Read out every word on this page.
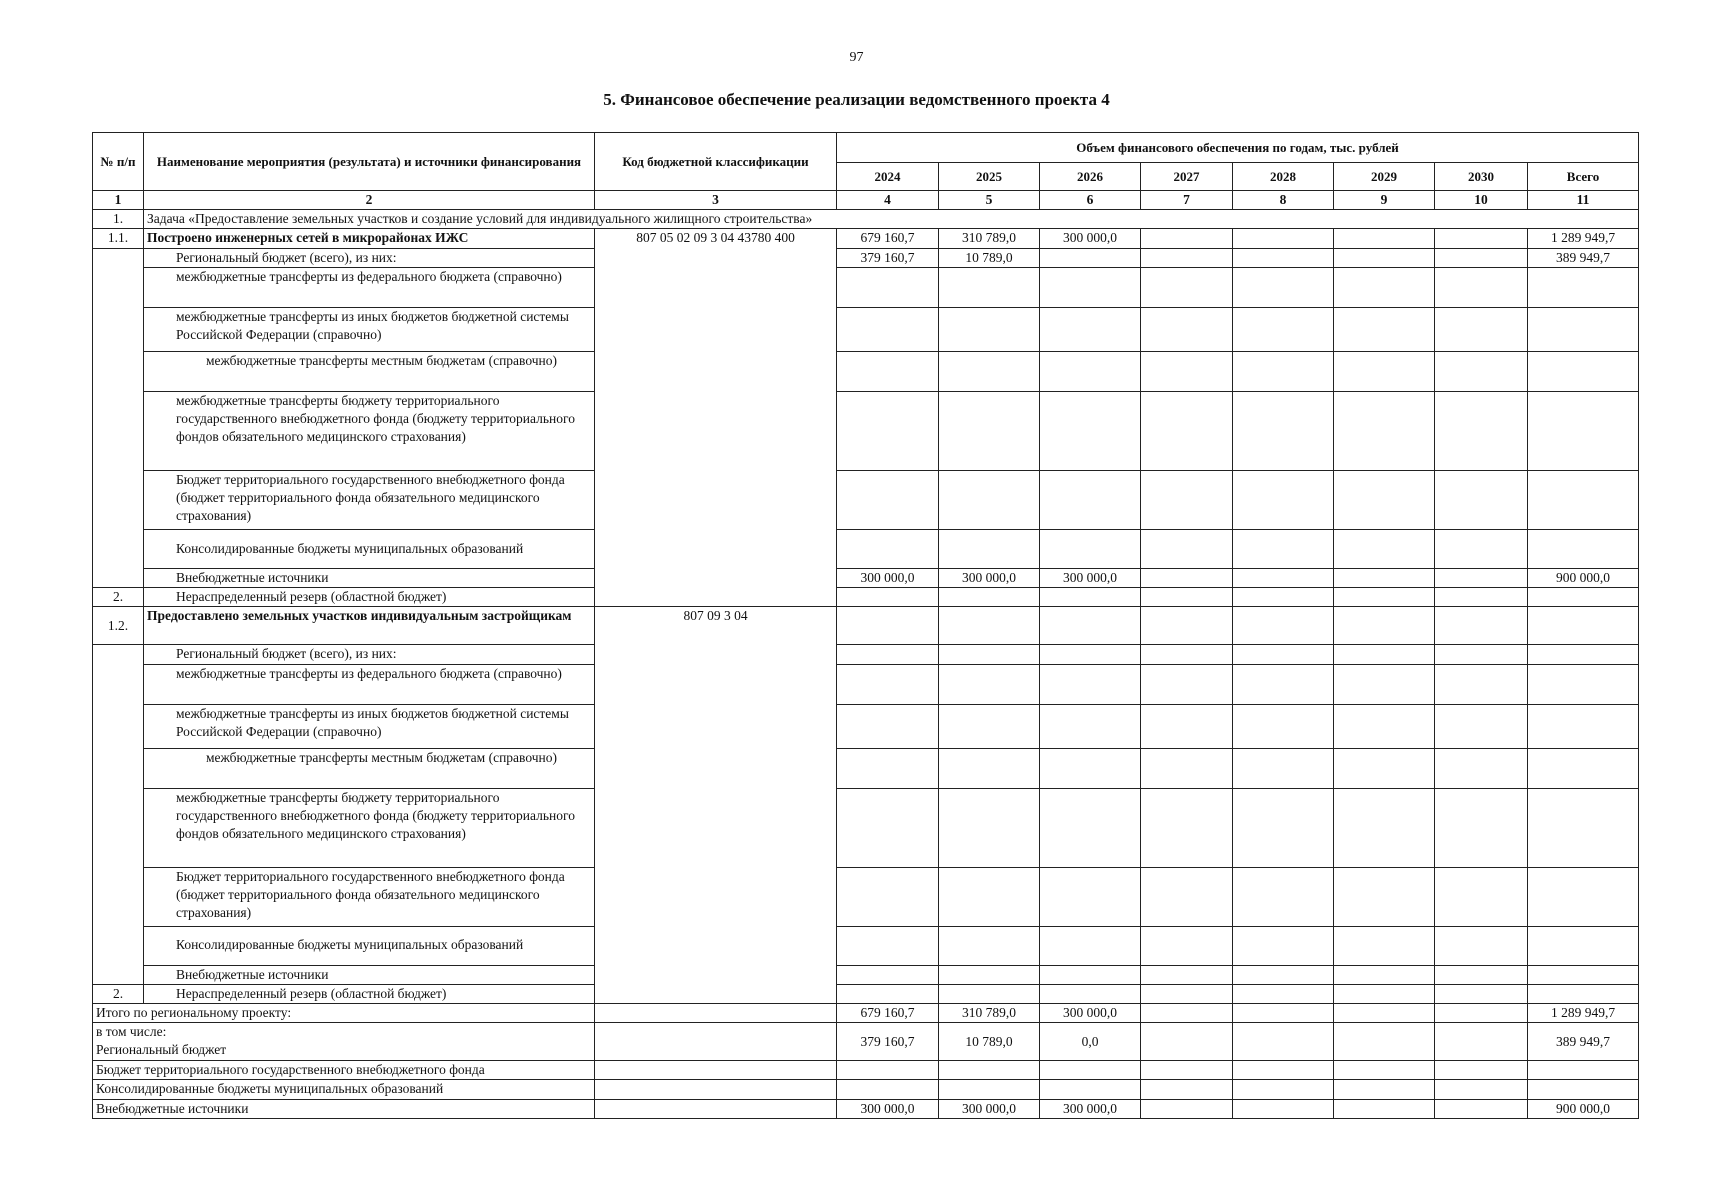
97
5. Финансовое обеспечение реализации ведомственного проекта 4
№ п/п	Наименование мероприятия (результата) и источники финансирования	Код бюджетной классификации	Объем финансового обеспечения по годам, тыс. рублей							
			2024	2025	2026	2027	2028	2029	2030	Всего
1	2	3	4	5	6	7	8	9	10	11
1.	Задача «Предоставление земельных участков и создание условий для индивидуального жилищного строительства»									
1.1.	Построено инженерных сетей в микрорайонах ИЖС	807 05 02 09 3 04 43780 400	679 160,7	310 789,0	300 000,0					1 289 949,7
	Региональный бюджет (всего), из них:		379 160,7	10 789,0						389 949,7
	межбюджетные трансферты из федерального бюджета (справочно)									
	межбюджетные трансферты из иных бюджетов бюджетной системы Российской Федерации (справочно)									
	межбюджетные трансферты местным бюджетам (справочно)									
	межбюджетные трансферты бюджету территориального государственного внебюджетного фонда (бюджету территориального фондов обязательного медицинского страхования)									
	Бюджет территориального государственного внебюджетного фонда (бюджет территориального фонда обязательного медицинского страхования)									
	Консолидированные бюджеты муниципальных образований									
	Внебюджетные источники		300 000,0	300 000,0	300 000,0					900 000,0
2.	Нераспределенный резерв (областной бюджет)									
1.2.	Предоставлено земельных участков индивидуальным застройщикам	807 09 3 04								
	Региональный бюджет (всего), из них:									
	межбюджетные трансферты из федерального бюджета (справочно)									
	межбюджетные трансферты из иных бюджетов бюджетной системы Российской Федерации (справочно)									
	межбюджетные трансферты местным бюджетам (справочно)									
	межбюджетные трансферты бюджету территориального государственного внебюджетного фонда (бюджету территориального фондов обязательного медицинского страхования)									
	Бюджет территориального государственного внебюджетного фонда (бюджет территориального фонда обязательного медицинского страхования)									
	Консолидированные бюджеты муниципальных образований									
	Внебюджетные источники									
2.	Нераспределенный резерв (областной бюджет)									
Итого по региональному проекту:			679 160,7	310 789,0	300 000,0					1 289 949,7

в том числе:
Региональный бюджет			379 160,7	10 789,0	0,0					389 949,7
Бюджет территориального государственного внебюджетного фонда										
Консолидированные бюджеты муниципальных образований										
Внебюджетные источники			300 000,0	300 000,0	300 000,0					900 000,0
